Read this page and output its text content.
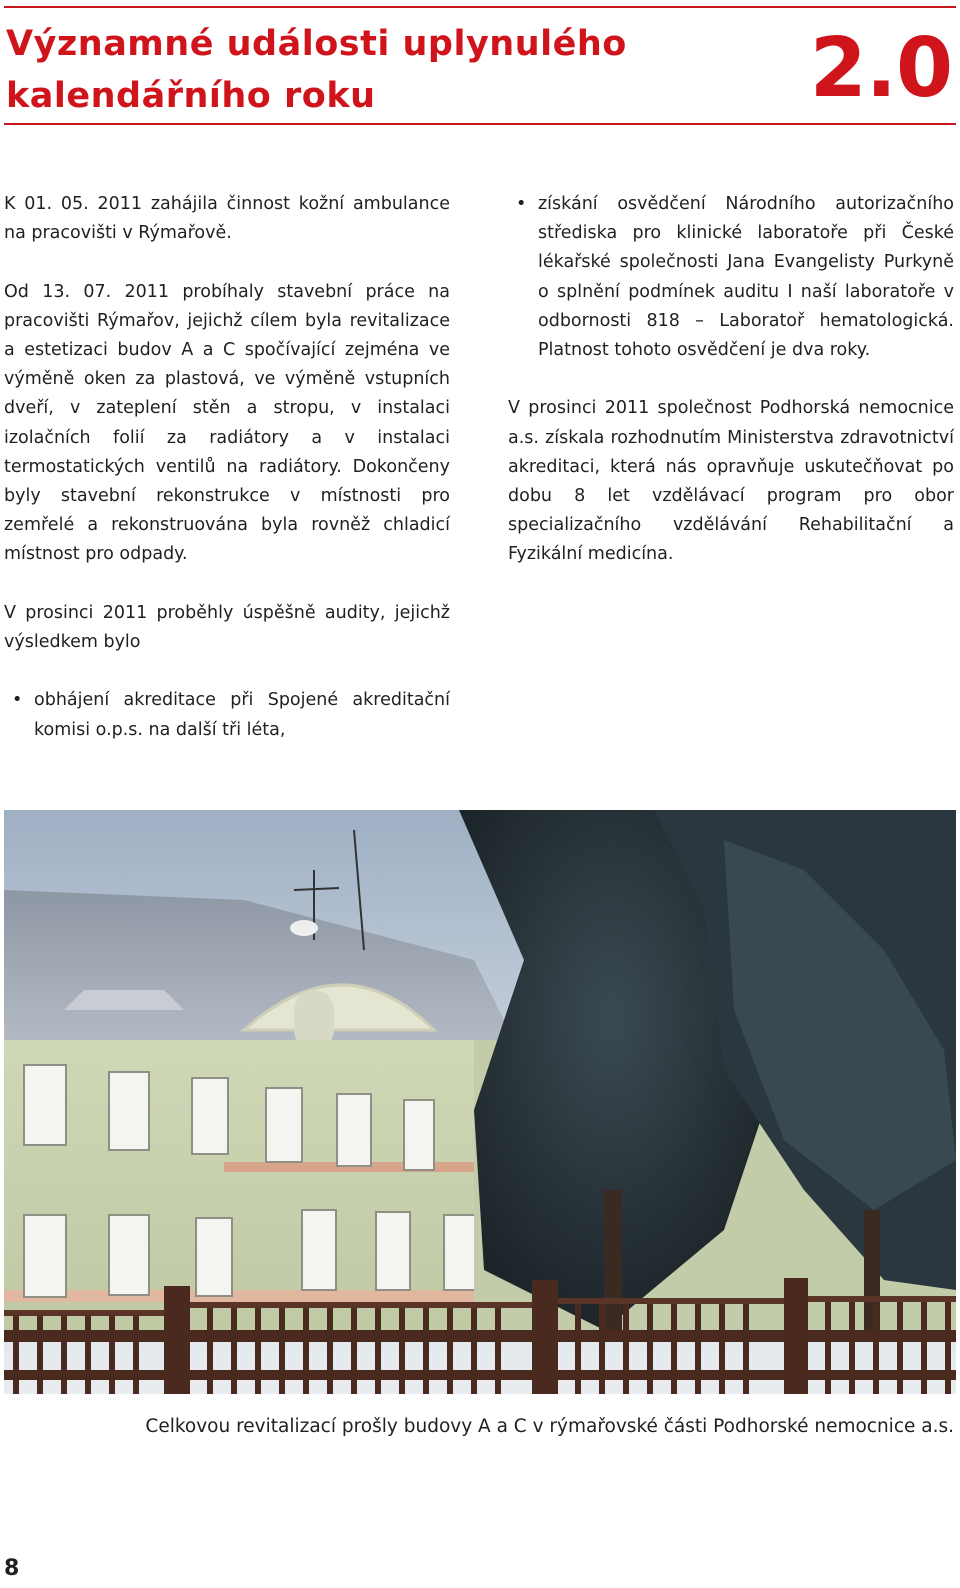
Významné události uplynulého
kalendářního roku	2.0

K 01. 05. 2011 zahájila činnost kožní ambulance na pracovišti v Rýmařově.

Od 13. 07. 2011 probíhaly stavební práce na pracovišti Rýmařov, jejichž cílem byla revitalizace a estetizaci budov A a C spočívající zejména ve výměně oken za plastová, ve výměně vstupních dveří, v zateplení stěn a stropu, v instalaci izolačních folií za radiátory a v instalaci termostatických ventilů na radiátory. Dokončeny byly stavební rekonstrukce v místnosti pro zemřelé a rekonstruována byla rovněž chladicí místnost pro odpady.

V prosinci 2011 proběhly úspěšně audity, jejichž výsledkem bylo

• obhájení akreditace při Spojené akreditační komisi o.p.s. na další tři léta,
• získání osvědčení Národního autorizačního střediska pro klinické laboratoře při České lékařské společnosti Jana Evangelisty Purkyně o splnění podmínek auditu I naší laboratoře v odbornosti 818 – Laboratoř hematologická. Platnost tohoto osvědčení je dva roky.

V prosinci 2011 společnost Podhorská nemocnice a.s. získala rozhodnutím Ministerstva zdravotnictví akreditaci, která nás opravňuje uskutečňovat po dobu 8 let vzdělávací program pro obor specializačního vzdělávání Rehabilitační a Fyzikální medicína.

Celkovou revitalizací prošly budovy A a C v rýmařovské části Podhorské nemocnice a.s.
8
